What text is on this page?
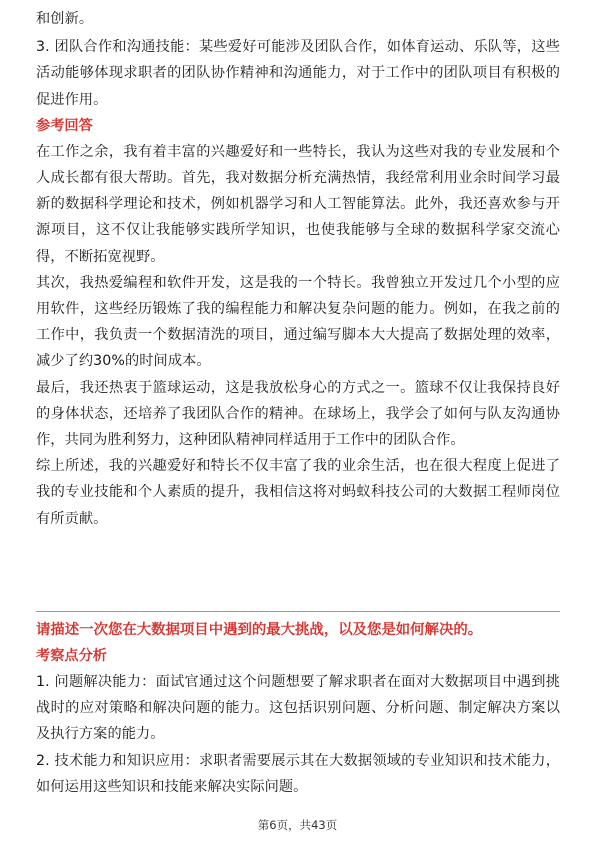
和创新。

3. 团队合作和沟通技能：某些爱好可能涉及团队合作，如体育运动、乐队等，这些活动能够体现求职者的团队协作精神和沟通能力，对于工作中的团队项目有积极的促进作用。

参考回答

在工作之余，我有着丰富的兴趣爱好和一些特长，我认为这些对我的专业发展和个人成长都有很大帮助。首先，我对数据分析充满热情，我经常利用业余时间学习最新的数据科学理论和技术，例如机器学习和人工智能算法。此外，我还喜欢参与开源项目，这不仅让我能够实践所学知识，也使我能够与全球的数据科学家交流心得，不断拓宽视野。

其次，我热爱编程和软件开发，这是我的一个特长。我曾独立开发过几个小型的应用软件，这些经历锻炼了我的编程能力和解决复杂问题的能力。例如，在我之前的工作中，我负责一个数据清洗的项目，通过编写脚本大大提高了数据处理的效率，减少了约30%的时间成本。

最后，我还热衷于篮球运动，这是我放松身心的方式之一。篮球不仅让我保持良好的身体状态，还培养了我团队合作的精神。在球场上，我学会了如何与队友沟通协作，共同为胜利努力，这种团队精神同样适用于工作中的团队合作。

综上所述，我的兴趣爱好和特长不仅丰富了我的业余生活，也在很大程度上促进了我的专业技能和个人素质的提升，我相信这将对蚂蚁科技公司的大数据工程师岗位有所贡献。

请描述一次您在大数据项目中遇到的最大挑战，以及您是如何解决的。

考察点分析

1. 问题解决能力：面试官通过这个问题想要了解求职者在面对大数据项目中遇到挑战时的应对策略和解决问题的能力。这包括识别问题、分析问题、制定解决方案以及执行方案的能力。

2. 技术能力和知识应用：求职者需要展示其在大数据领域的专业知识和技术能力，如何运用这些知识和技能来解决实际问题。

第6页，共43页
